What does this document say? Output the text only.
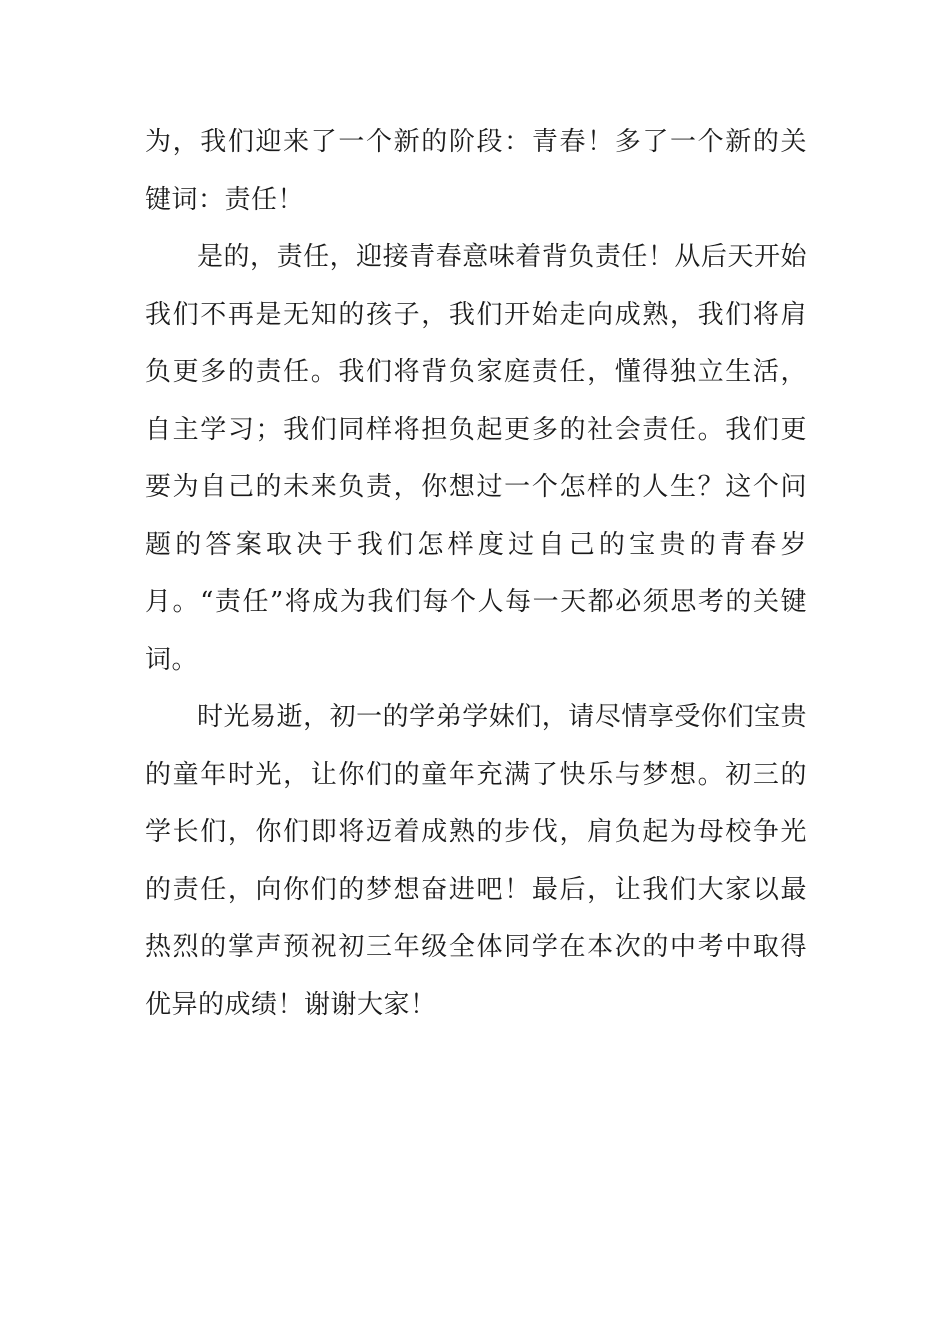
为，我们迎来了一个新的阶段：青春！多了一个新的关键词：责任！

是的，责任，迎接青春意味着背负责任！从后天开始我们不再是无知的孩子，我们开始走向成熟，我们将肩负更多的责任。我们将背负家庭责任，懂得独立生活，自主学习；我们同样将担负起更多的社会责任。我们更要为自己的未来负责，你想过一个怎样的人生？这个问题的答案取决于我们怎样度过自己的宝贵的青春岁月。“责任”将成为我们每个人每一天都必须思考的关键词。

时光易逝，初一的学弟学妹们，请尽情享受你们宝贵的童年时光，让你们的童年充满了快乐与梦想。初三的学长们，你们即将迈着成熟的步伐，肩负起为母校争光的责任，向你们的梦想奋进吧！最后，让我们大家以最热烈的掌声预祝初三年级全体同学在本次的中考中取得优异的成绩！谢谢大家！
